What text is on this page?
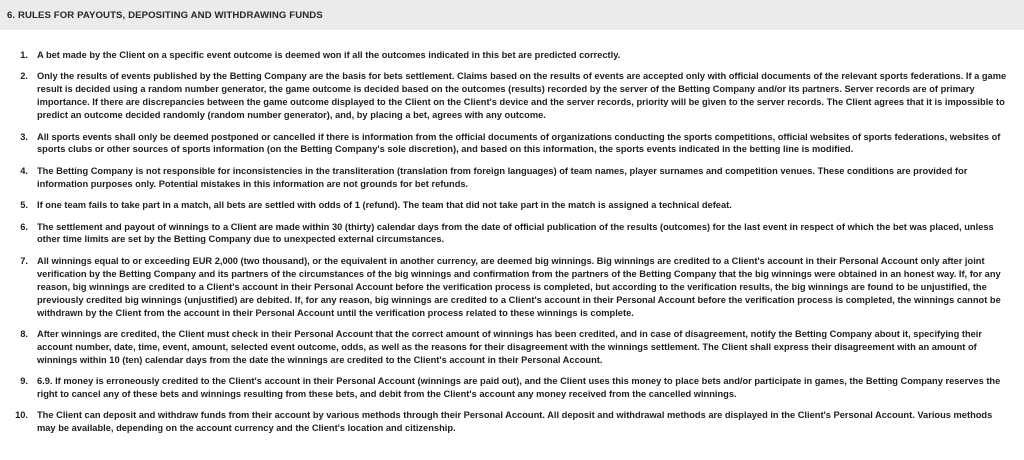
6. RULES FOR PAYOUTS, DEPOSITING AND WITHDRAWING FUNDS
1. A bet made by the Client on a specific event outcome is deemed won if all the outcomes indicated in this bet are predicted correctly.
2. Only the results of events published by the Betting Company are the basis for bets settlement. Claims based on the results of events are accepted only with official documents of the relevant sports federations. If a game result is decided using a random number generator, the game outcome is decided based on the outcomes (results) recorded by the server of the Betting Company and/or its partners. Server records are of primary importance. If there are discrepancies between the game outcome displayed to the Client on the Client's device and the server records, priority will be given to the server records. The Client agrees that it is impossible to predict an outcome decided randomly (random number generator), and, by placing a bet, agrees with any outcome.
3. All sports events shall only be deemed postponed or cancelled if there is information from the official documents of organizations conducting the sports competitions, official websites of sports federations, websites of sports clubs or other sources of sports information (on the Betting Company's sole discretion), and based on this information, the sports events indicated in the betting line is modified.
4. The Betting Company is not responsible for inconsistencies in the transliteration (translation from foreign languages) of team names, player surnames and competition venues. These conditions are provided for information purposes only. Potential mistakes in this information are not grounds for bet refunds.
5. If one team fails to take part in a match, all bets are settled with odds of 1 (refund). The team that did not take part in the match is assigned a technical defeat.
6. The settlement and payout of winnings to a Client are made within 30 (thirty) calendar days from the date of official publication of the results (outcomes) for the last event in respect of which the bet was placed, unless other time limits are set by the Betting Company due to unexpected external circumstances.
7. All winnings equal to or exceeding EUR 2,000 (two thousand), or the equivalent in another currency, are deemed big winnings. Big winnings are credited to a Client's account in their Personal Account only after joint verification by the Betting Company and its partners of the circumstances of the big winnings and confirmation from the partners of the Betting Company that the big winnings were obtained in an honest way. If, for any reason, big winnings are credited to a Client's account in their Personal Account before the verification process is completed, but according to the verification results, the big winnings are found to be unjustified, the previously credited big winnings (unjustified) are debited. If, for any reason, big winnings are credited to a Client's account in their Personal Account before the verification process is completed, the winnings cannot be withdrawn by the Client from the account in their Personal Account until the verification process related to these winnings is complete.
8. After winnings are credited, the Client must check in their Personal Account that the correct amount of winnings has been credited, and in case of disagreement, notify the Betting Company about it, specifying their account number, date, time, event, amount, selected event outcome, odds, as well as the reasons for their disagreement with the winnings settlement. The Client shall express their disagreement with an amount of winnings within 10 (ten) calendar days from the date the winnings are credited to the Client's account in their Personal Account.
9. 6.9. If money is erroneously credited to the Client's account in their Personal Account (winnings are paid out), and the Client uses this money to place bets and/or participate in games, the Betting Company reserves the right to cancel any of these bets and winnings resulting from these bets, and debit from the Client's account any money received from the cancelled winnings.
10. The Client can deposit and withdraw funds from their account by various methods through their Personal Account. All deposit and withdrawal methods are displayed in the Client's Personal Account. Various methods may be available, depending on the account currency and the Client's location and citizenship.
